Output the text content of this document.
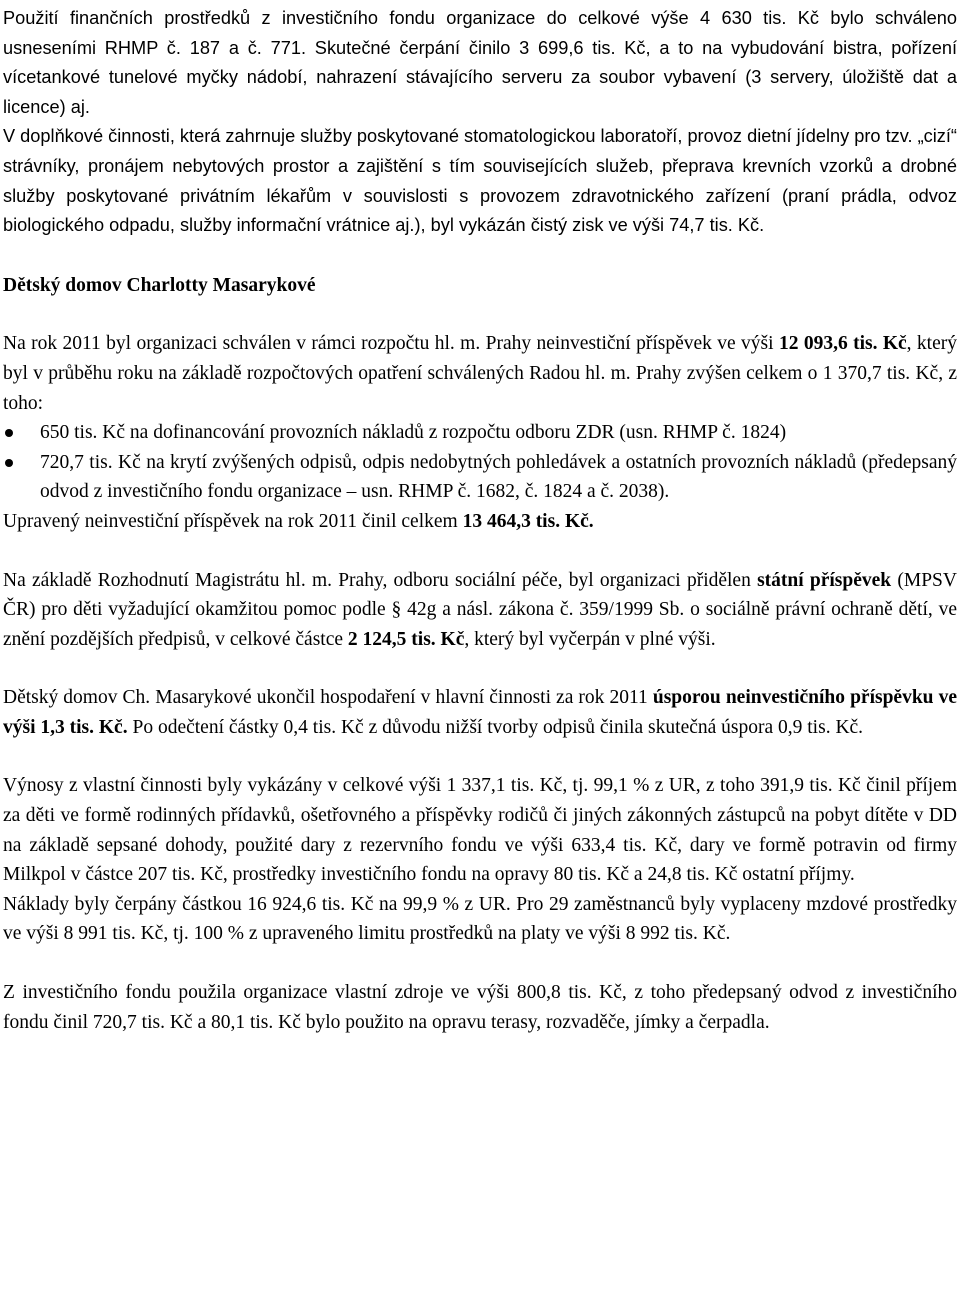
Použití finančních prostředků z investičního fondu organizace do celkové výše 4 630 tis. Kč bylo schváleno usneseními RHMP č. 187 a č. 771. Skutečné čerpání činilo 3 699,6 tis. Kč, a to na vybudování bistra, pořízení vícetankové tunelové myčky nádobí, nahrazení stávajícího serveru za soubor vybavení (3 servery, úložiště dat a licence) aj.

V doplňkové činnosti, která zahrnuje služby poskytované stomatologickou laboratoří, provoz dietní jídelny pro tzv. „cizí“ strávníky, pronájem nebytových prostor a zajištění s tím souvisejících služeb, přeprava krevních vzorků a drobné služby poskytované privátním lékařům v souvislosti s provozem zdravotnického zařízení (praní prádla, odvoz biologického odpadu, služby informační vrátnice aj.), byl vykázán čistý zisk ve výši 74,7 tis. Kč.

Dětský domov Charlotty Masarykové

Na rok 2011 byl organizaci schválen v rámci rozpočtu hl. m. Prahy neinvestiční příspěvek ve výši 12 093,6 tis. Kč, který byl v průběhu roku na základě rozpočtových opatření schválených Radou hl. m. Prahy zvýšen celkem o 1 370,7 tis. Kč, z toho:

650 tis. Kč na dofinancování provozních nákladů z rozpočtu odboru ZDR (usn. RHMP č. 1824)
720,7 tis. Kč na krytí zvýšených odpisů, odpis nedobytných pohledávek a ostatních provozních nákladů (předepsaný odvod z investičního fondu organizace – usn. RHMP č. 1682, č. 1824 a č. 2038).

Upravený neinvestiční příspěvek na rok 2011 činil celkem 13 464,3 tis. Kč.

Na základě Rozhodnutí Magistrátu hl. m. Prahy, odboru sociální péče, byl organizaci přidělen státní příspěvek (MPSV ČR) pro děti vyžadující okamžitou pomoc podle § 42g a násl. zákona č. 359/1999 Sb. o sociálně právní ochraně dětí, ve znění pozdějších předpisů, v celkové částce 2 124,5 tis. Kč, který byl vyčerpán v plné výši.

Dětský domov Ch. Masarykové ukončil hospodaření v hlavní činnosti za rok 2011 úsporou neinvestičního příspěvku ve výši 1,3 tis. Kč. Po odečtení částky 0,4 tis. Kč z důvodu nižší tvorby odpisů činila skutečná úspora 0,9 tis. Kč.

Výnosy z vlastní činnosti byly vykázány v celkové výši 1 337,1 tis. Kč, tj. 99,1 % z UR, z toho 391,9 tis. Kč činil příjem za děti ve formě rodinných přídavků, ošetřovného a příspěvky rodičů či jiných zákonných zástupců na pobyt dítěte v DD na základě sepsané dohody, použité dary z rezervního fondu ve výši 633,4 tis. Kč, dary ve formě potravin od firmy Milkpol v částce 207 tis. Kč, prostředky investičního fondu na opravy 80 tis. Kč a 24,8 tis. Kč ostatní příjmy.

Náklady byly čerpány částkou 16 924,6 tis. Kč na 99,9 % z UR. Pro 29 zaměstnanců byly vyplaceny mzdové prostředky ve výši 8 991 tis. Kč, tj. 100 % z upraveného limitu prostředků na platy ve výši 8 992 tis. Kč.

Z investičního fondu použila organizace vlastní zdroje ve výši 800,8 tis. Kč, z toho předepsaný odvod z investičního fondu činil 720,7 tis. Kč a 80,1 tis. Kč bylo použito na opravu terasy, rozvaděče, jímky a čerpadla.
